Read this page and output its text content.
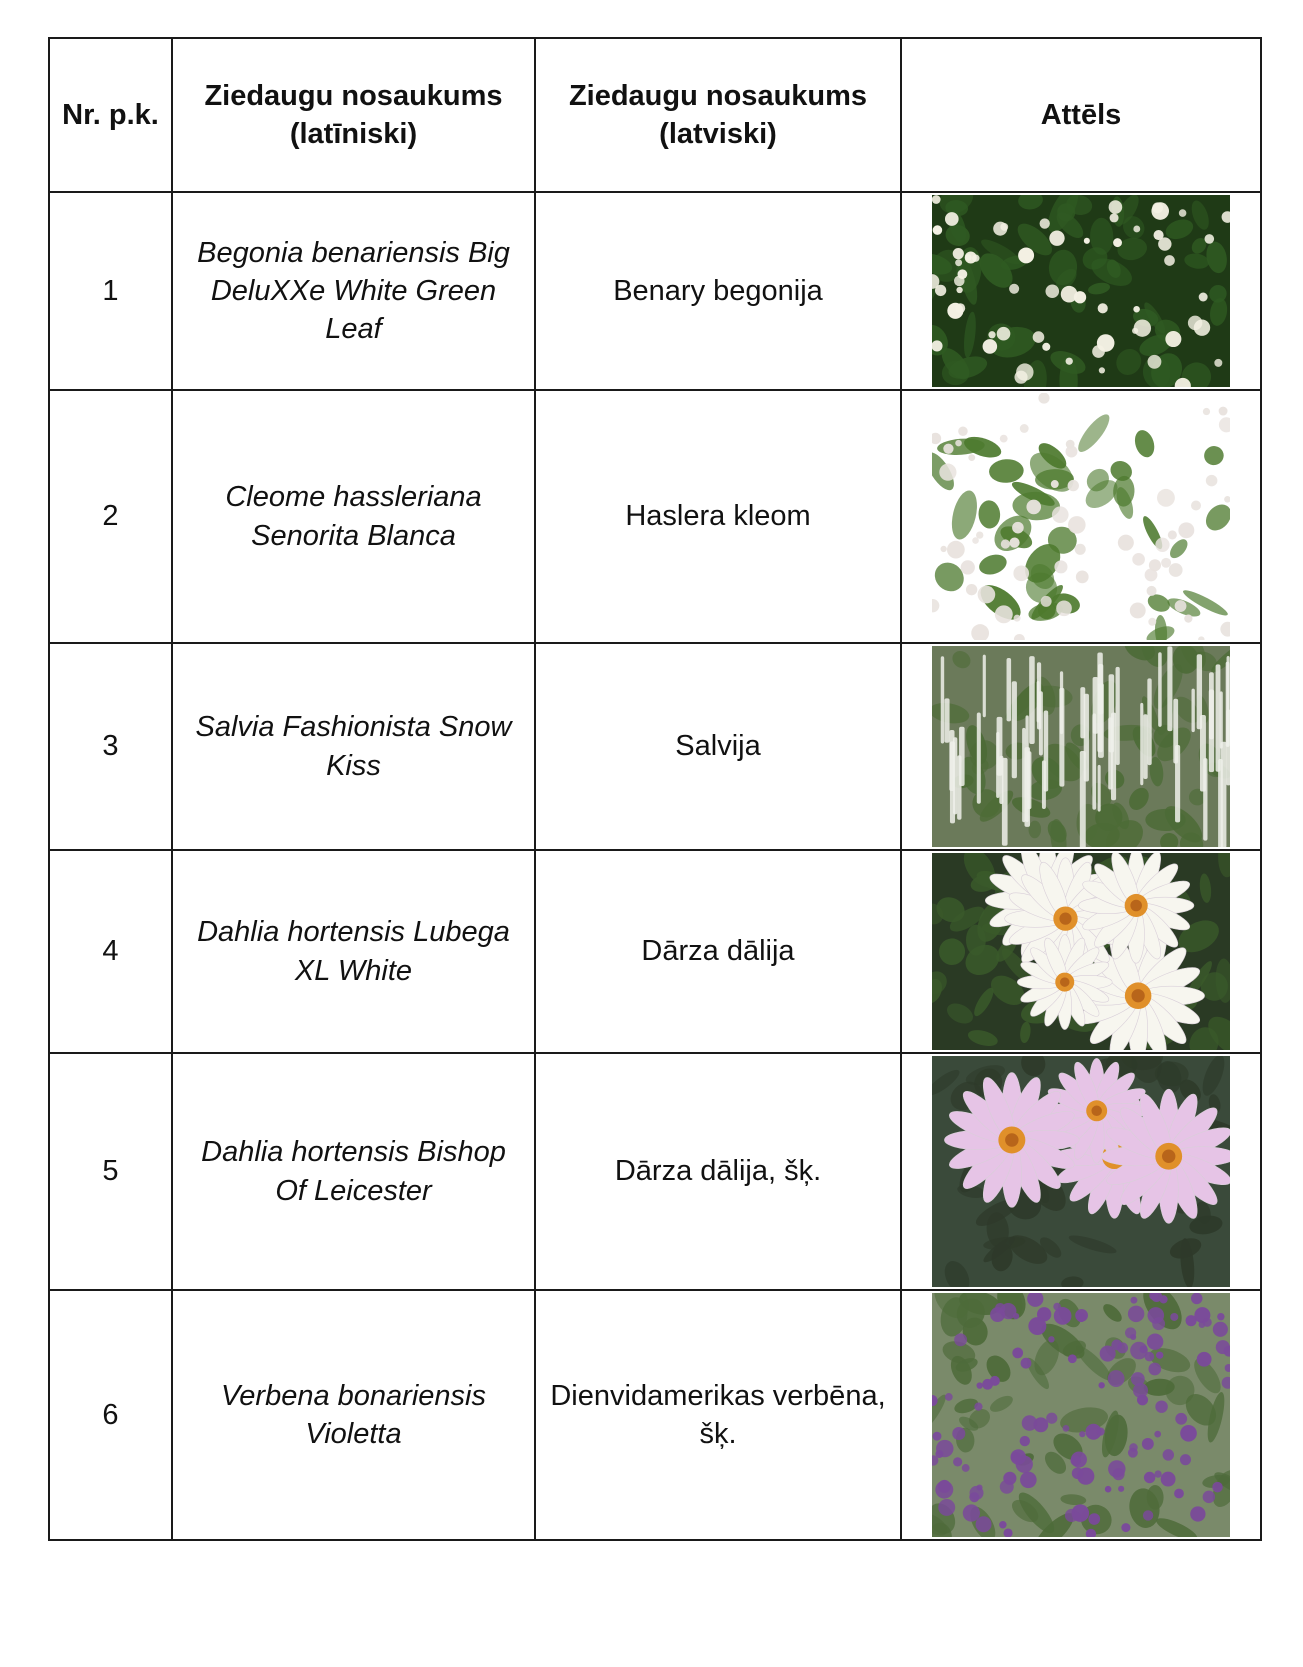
Nr. p.k.	Ziedaugu nosaukums (latīniski)	Ziedaugu nosaukums (latviski)	Attēls
1	Begonia benariensis Big DeluXXe White Green Leaf	Benary begonija	

2	Cleome hassleriana Senorita Blanca	Haslera kleom	

3	Salvia Fashionista Snow Kiss	Salvija	

4	Dahlia hortensis Lubega XL White	Dārza dālija	

5	Dahlia hortensis Bishop Of Leicester	Dārza dālija, šķ.	

6	Verbena bonariensis Violetta	Dienvidamerikas verbēna, šķ.	
